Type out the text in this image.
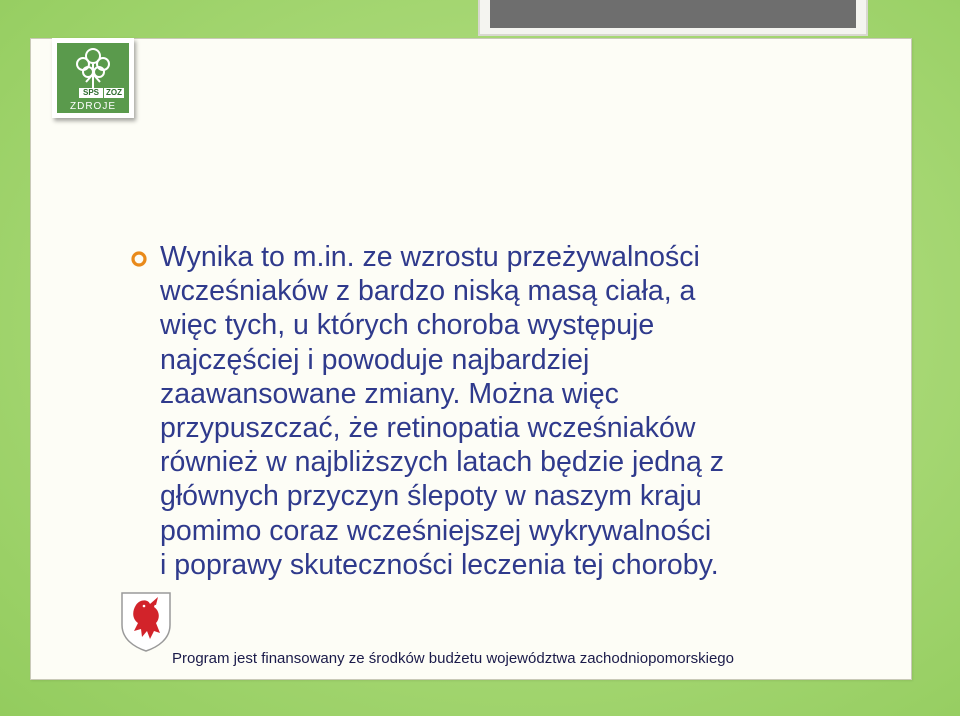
SPS ZOZ
ZDROJE

Wynika to m.in. ze wzrostu przeżywalności
wcześniaków z bardzo niską masą ciała, a
więc tych, u których choroba występuje
najczęściej i powoduje najbardziej
zaawansowane zmiany. Można więc
przypuszczać, że retinopatia wcześniaków
również w najbliższych latach będzie jedną z
głównych przyczyn ślepoty w naszym kraju
pomimo coraz wcześniejszej wykrywalności
i poprawy skuteczności leczenia tej choroby.

Program jest finansowany ze środków budżetu województwa zachodniopomorskiego
